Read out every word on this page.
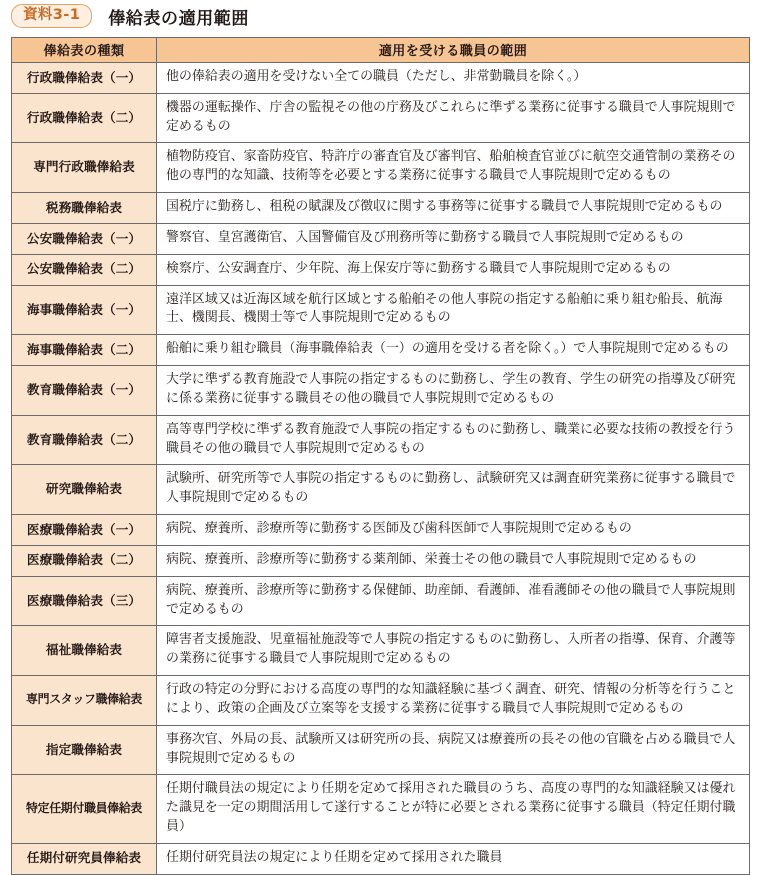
資料3-1	俸給表の適用範囲
俸給表の種類	適用を受ける職員の範囲
行政職俸給表（一）	他の俸給表の適用を受けない全ての職員（ただし、非常勤職員を除く。）
行政職俸給表（二）	機器の運転操作、庁舎の監視その他の庁務及びこれらに準ずる業務に従事する職員で人事院規則で定めるもの
専門行政職俸給表	植物防疫官、家畜防疫官、特許庁の審査官及び審判官、船舶検査官並びに航空交通管制の業務その他の専門的な知識、技術等を必要とする業務に従事する職員で人事院規則で定めるもの
税務職俸給表	国税庁に勤務し、租税の賦課及び徴収に関する事務等に従事する職員で人事院規則で定めるもの
公安職俸給表（一）	警察官、皇宮護衛官、入国警備官及び刑務所等に勤務する職員で人事院規則で定めるもの
公安職俸給表（二）	検察庁、公安調査庁、少年院、海上保安庁等に勤務する職員で人事院規則で定めるもの
海事職俸給表（一）	遠洋区域又は近海区域を航行区域とする船舶その他人事院の指定する船舶に乗り組む船長、航海士、機関長、機関士等で人事院規則で定めるもの
海事職俸給表（二）	船舶に乗り組む職員（海事職俸給表（一）の適用を受ける者を除く。）で人事院規則で定めるもの
教育職俸給表（一）	大学に準ずる教育施設で人事院の指定するものに勤務し、学生の教育、学生の研究の指導及び研究に係る業務に従事する職員その他の職員で人事院規則で定めるもの
教育職俸給表（二）	高等専門学校に準ずる教育施設で人事院の指定するものに勤務し、職業に必要な技術の教授を行う職員その他の職員で人事院規則で定めるもの
研究職俸給表	試験所、研究所等で人事院の指定するものに勤務し、試験研究又は調査研究業務に従事する職員で人事院規則で定めるもの
医療職俸給表（一）	病院、療養所、診療所等に勤務する医師及び歯科医師で人事院規則で定めるもの
医療職俸給表（二）	病院、療養所、診療所等に勤務する薬剤師、栄養士その他の職員で人事院規則で定めるもの
医療職俸給表（三）	病院、療養所、診療所等に勤務する保健師、助産師、看護師、准看護師その他の職員で人事院規則で定めるもの
福祉職俸給表	障害者支援施設、児童福祉施設等で人事院の指定するものに勤務し、入所者の指導、保育、介護等の業務に従事する職員で人事院規則で定めるもの
専門スタッフ職俸給表	行政の特定の分野における高度の専門的な知識経験に基づく調査、研究、情報の分析等を行うことにより、政策の企画及び立案等を支援する業務に従事する職員で人事院規則で定めるもの
指定職俸給表	事務次官、外局の長、試験所又は研究所の長、病院又は療養所の長その他の官職を占める職員で人事院規則で定めるもの
特定任期付職員俸給表	任期付職員法の規定により任期を定めて採用された職員のうち、高度の専門的な知識経験又は優れた識見を一定の期間活用して遂行することが特に必要とされる業務に従事する職員（特定任期付職員）
任期付研究員俸給表	任期付研究員法の規定により任期を定めて採用された職員
